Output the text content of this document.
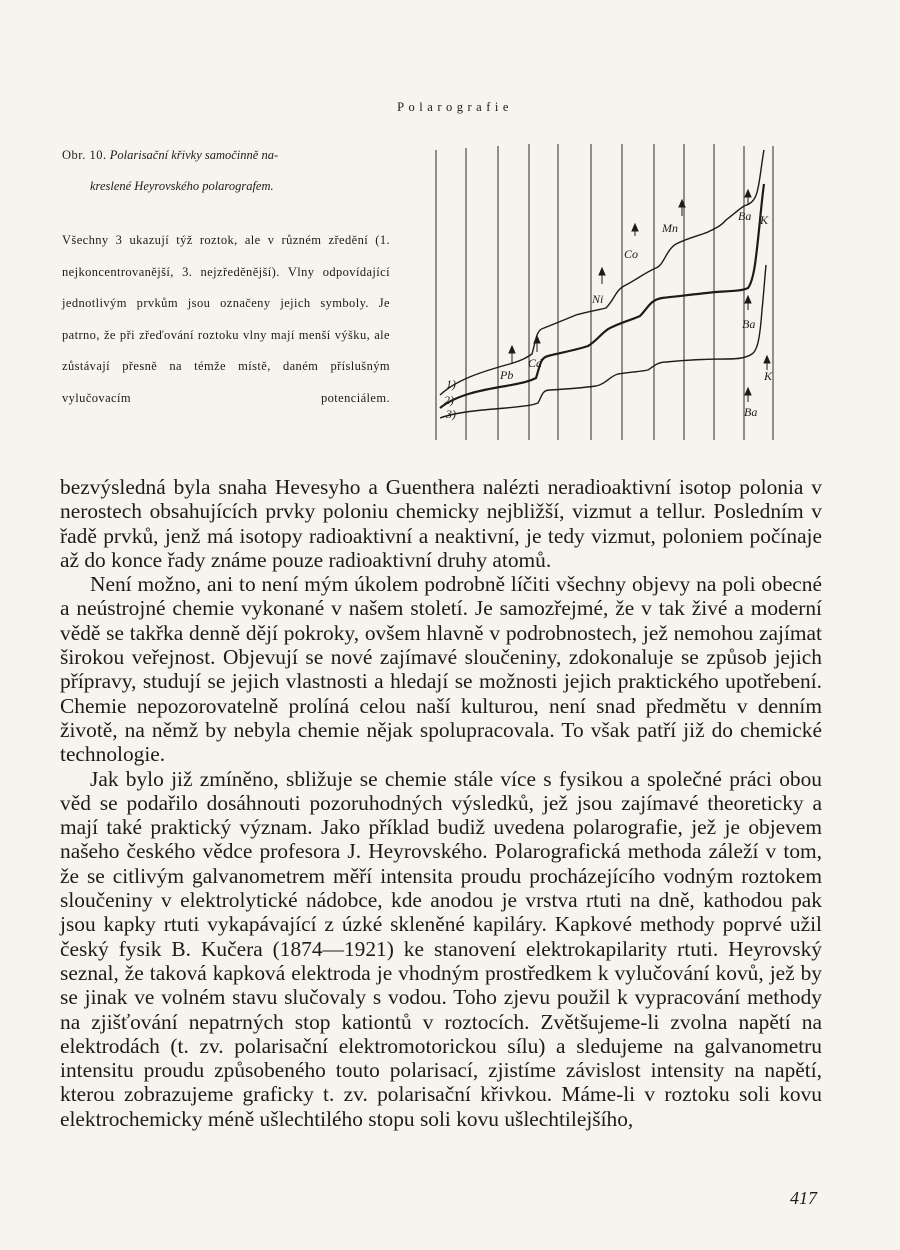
Polarografie

Obr. 10. Polarisační křivky samočinně na-

kreslené Heyrovského polarografem.

Všechny 3 ukazují týž roztok, ale v různém zředění (1. nejkoncentrovanější, 3. nejzředěnější). Vlny odpovídající jednotlivým prvkům jsou označeny jejich symboly. Je patrno, že při zřeďování roztoku vlny mají menší výšku, ale zůstávají přesně na témže místě, daném příslušným vylučovacím potenciálem.

1)
2)
3)
Pb
Cd
Ni
Co
Mn
Ba K
Ba
K
Ba

bezvýsledná byla snaha Hevesyho a Guenthera nalézti neradioaktivní isotop polonia v nerostech obsahujících prvky poloniu chemicky nejbližší, vizmut a tellur. Posledním v řadě prvků, jenž má isotopy radioaktivní a neaktivní, je tedy vizmut, poloniem počínaje až do konce řady známe pouze radioaktivní druhy atomů.

Není možno, ani to není mým úkolem podrobně líčiti všechny objevy na poli obecné a neústrojné chemie vykonané v našem století. Je samozřejmé, že v tak živé a moderní vědě se takřka denně dějí pokroky, ovšem hlavně v podrobnostech, jež nemohou zajímat širokou veřejnost. Objevují se nové zajímavé sloučeniny, zdokonaluje se způsob jejich přípravy, studují se jejich vlastnosti a hledají se možnosti jejich praktického upotřebení. Chemie nepozorovatelně prolíná celou naší kulturou, není snad předmětu v denním životě, na němž by nebyla chemie nějak spolupracovala. To však patří již do chemické technologie.

Jak bylo již zmíněno, sbližuje se chemie stále více s fysikou a společné práci obou věd se podařilo dosáhnouti pozoruhodných výsledků, jež jsou zajímavé theoreticky a mají také praktický význam. Jako příklad budiž uvedena polarografie, jež je objevem našeho českého vědce profesora J. Heyrovského. Polarografická methoda záleží v tom, že se citlivým galvanometrem měří intensita proudu procházejícího vodným roztokem sloučeniny v elektrolytické nádobce, kde anodou je vrstva rtuti na dně, kathodou pak jsou kapky rtuti vykapávající z úzké skleněné kapiláry. Kapkové methody poprvé užil český fysik B. Kučera (1874—1921) ke stanovení elektrokapilarity rtuti. Heyrovský seznal, že taková kapková elektroda je vhodným prostředkem k vylučování kovů, jež by se jinak ve volném stavu slučovaly s vodou. Toho zjevu použil k vypracování methody na zjišťování nepatrných stop kationtů v roztocích. Zvětšujeme-li zvolna napětí na elektrodách (t. zv. polarisační elektromotorickou sílu) a sledujeme na galvanometru intensitu proudu způsobeného touto polarisací, zjistíme závislost intensity na napětí, kterou zobrazujeme graficky t. zv. polarisační křivkou. Máme-li v roztoku soli kovu elektrochemicky méně ušlechtilého stopu soli kovu ušlechtilejšího,

417
